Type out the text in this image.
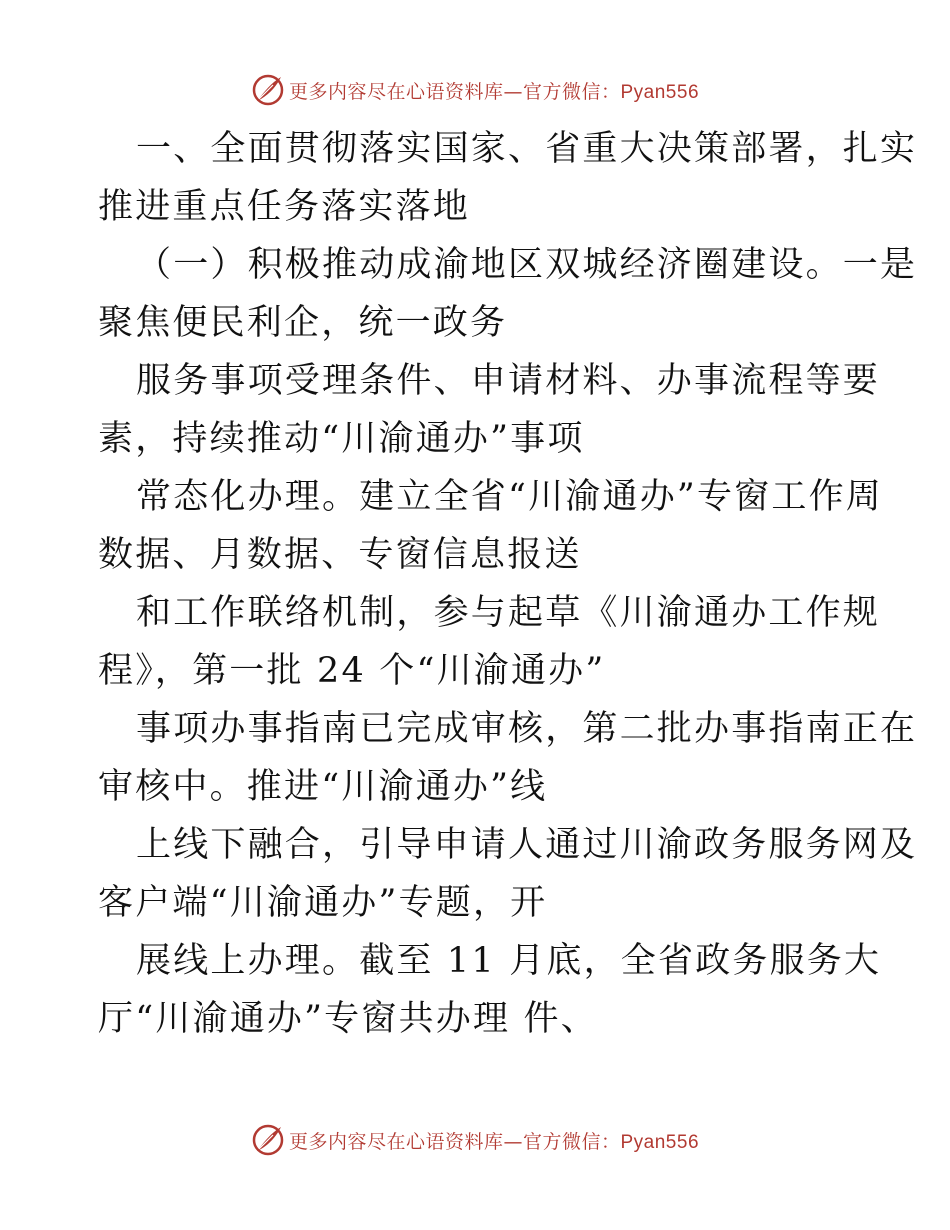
更多内容尽在心语资料库—官方微信：Pyan556
一、全面贯彻落实国家、省重大决策部署，扎实
推进重点任务落实落地
（一）积极推动成渝地区双城经济圈建设。一是
聚焦便民利企，统一政务
服务事项受理条件、申请材料、办事流程等要
素，持续推动“川渝通办”事项
常态化办理。建立全省“川渝通办”专窗工作周
数据、月数据、专窗信息报送
和工作联络机制，参与起草《川渝通办工作规
程》，第一批 24 个“川渝通办”
事项办事指南已完成审核，第二批办事指南正在
审核中。推进“川渝通办”线
上线下融合，引导申请人通过川渝政务服务网及
客户端“川渝通办”专题，开
展线上办理。截至 11 月底，全省政务服务大
厅“川渝通办”专窗共办理 件、
更多内容尽在心语资料库—官方微信：Pyan556
